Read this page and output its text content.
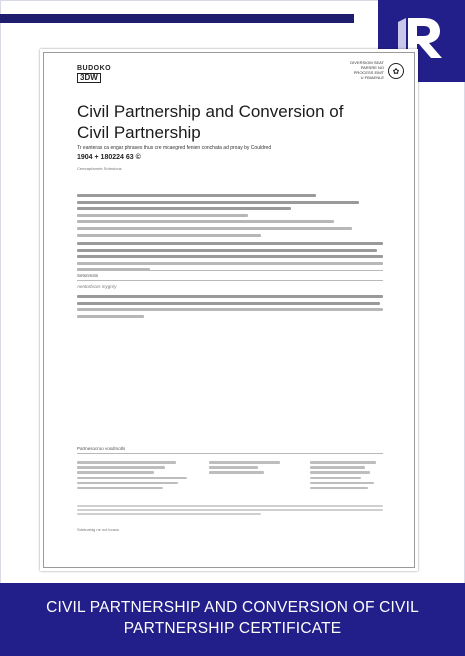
BUDOKO
3DW
DIVERSIOM SEAT
PARSRE NO
PROCESS EIMT
U FBIAENLE
✿
Civil Partnership and Conversion of Civil Partnership
Tr eanteras ca engar phrases thus cre mcaegred fenien conchata ad proay by Couldred
1904 + 180224 63 ©
Cemrapfamrte Srdestons
Setsnmsts
Aentorbrars mygriry
Partnesocroo vosdrsotls
Sdetnahtg ne oct lnracs
CIVIL PARTNERSHIP AND CONVERSION OF CIVIL
PARTNERSHIP CERTIFICATE
